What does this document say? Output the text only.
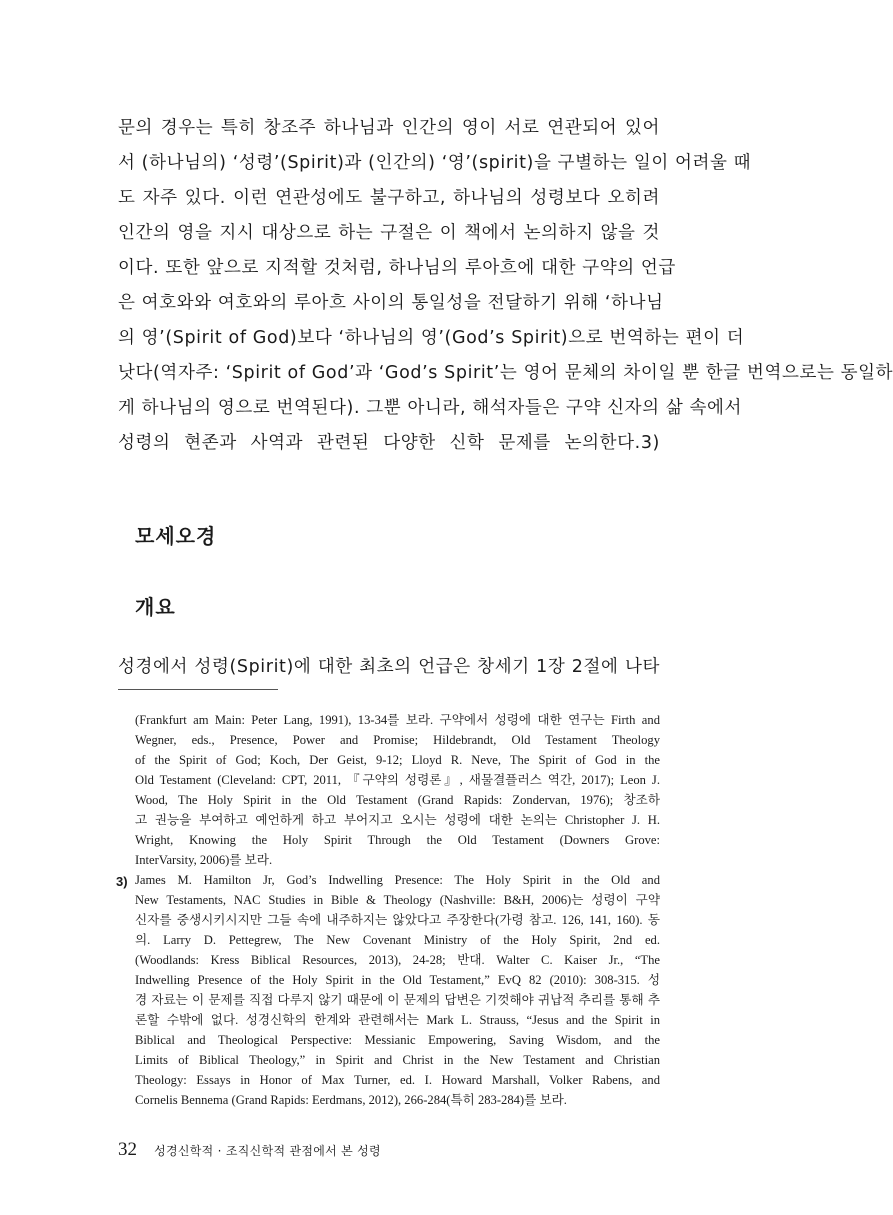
문의 경우는 특히 창조주 하나님과 인간의 영이 서로 연관되어 있어
서 (하나님의) ‘성령’(Spirit)과 (인간의) ‘영’(spirit)을 구별하는 일이 어려울 때
도 자주 있다. 이런 연관성에도 불구하고, 하나님의 성령보다 오히려
인간의 영을 지시 대상으로 하는 구절은 이 책에서 논의하지 않을 것
이다. 또한 앞으로 지적할 것처럼, 하나님의 루아흐에 대한 구약의 언급
은 여호와와 여호와의 루아흐 사이의 통일성을 전달하기 위해 ‘하나님
의 영’(Spirit of God)보다 ‘하나님의 영’(God’s Spirit)으로 번역하는 편이 더
낫다(역자주: ‘Spirit of God’과 ‘God’s Spirit’는 영어 문체의 차이일 뿐 한글 번역으로는 동일하
게 하나님의 영으로 번역된다). 그뿐 아니라, 해석자들은 구약 신자의 삶 속에서
성령의 현존과 사역과 관련된 다양한 신학 문제를 논의한다.3)
모세오경
개요
성경에서 성령(Spirit)에 대한 최초의 언급은 창세기 1장 2절에 나타
(Frankfurt am Main: Peter Lang, 1991), 13-34를 보라. 구약에서 성령에 대한 연구는 Firth and
Wegner, eds., Presence, Power and Promise; Hildebrandt, Old Testament Theology
of the Spirit of God; Koch, Der Geist, 9-12; Lloyd R. Neve, The Spirit of God in the
Old Testament (Cleveland: CPT, 2011, 『구약의 성령론』, 새물결플러스 역간, 2017); Leon J.
Wood, The Holy Spirit in the Old Testament (Grand Rapids: Zondervan, 1976); 창조하
고 권능을 부여하고 예언하게 하고 부어지고 오시는 성령에 대한 논의는 Christopher J. H.
Wright, Knowing the Holy Spirit Through the Old Testament (Downers Grove:
InterVarsity, 2006)를 보라.
3) James M. Hamilton Jr, God’s Indwelling Presence: The Holy Spirit in the Old and
New Testaments, NAC Studies in Bible & Theology (Nashville: B&H, 2006)는 성령이 구약
신자를 중생시키시지만 그들 속에 내주하지는 않았다고 주장한다(가령 참고. 126, 141, 160). 동
의. Larry D. Pettegrew, The New Covenant Ministry of the Holy Spirit, 2nd ed.
(Woodlands: Kress Biblical Resources, 2013), 24-28; 반대. Walter C. Kaiser Jr., “The
Indwelling Presence of the Holy Spirit in the Old Testament,” EvQ 82 (2010): 308-315. 성
경 자료는 이 문제를 직접 다루지 않기 때문에 이 문제의 답변은 기껏해야 귀납적 추리를 통해 추
론할 수밖에 없다. 성경신학의 한계와 관련해서는 Mark L. Strauss, “Jesus and the Spirit in
Biblical and Theological Perspective: Messianic Empowering, Saving Wisdom, and the
Limits of Biblical Theology,” in Spirit and Christ in the New Testament and Christian
Theology: Essays in Honor of Max Turner, ed. I. Howard Marshall, Volker Rabens, and
Cornelis Bennema (Grand Rapids: Eerdmans, 2012), 266-284(특히 283-284)를 보라.
32 성경신학적 · 조직신학적 관점에서 본 성령
